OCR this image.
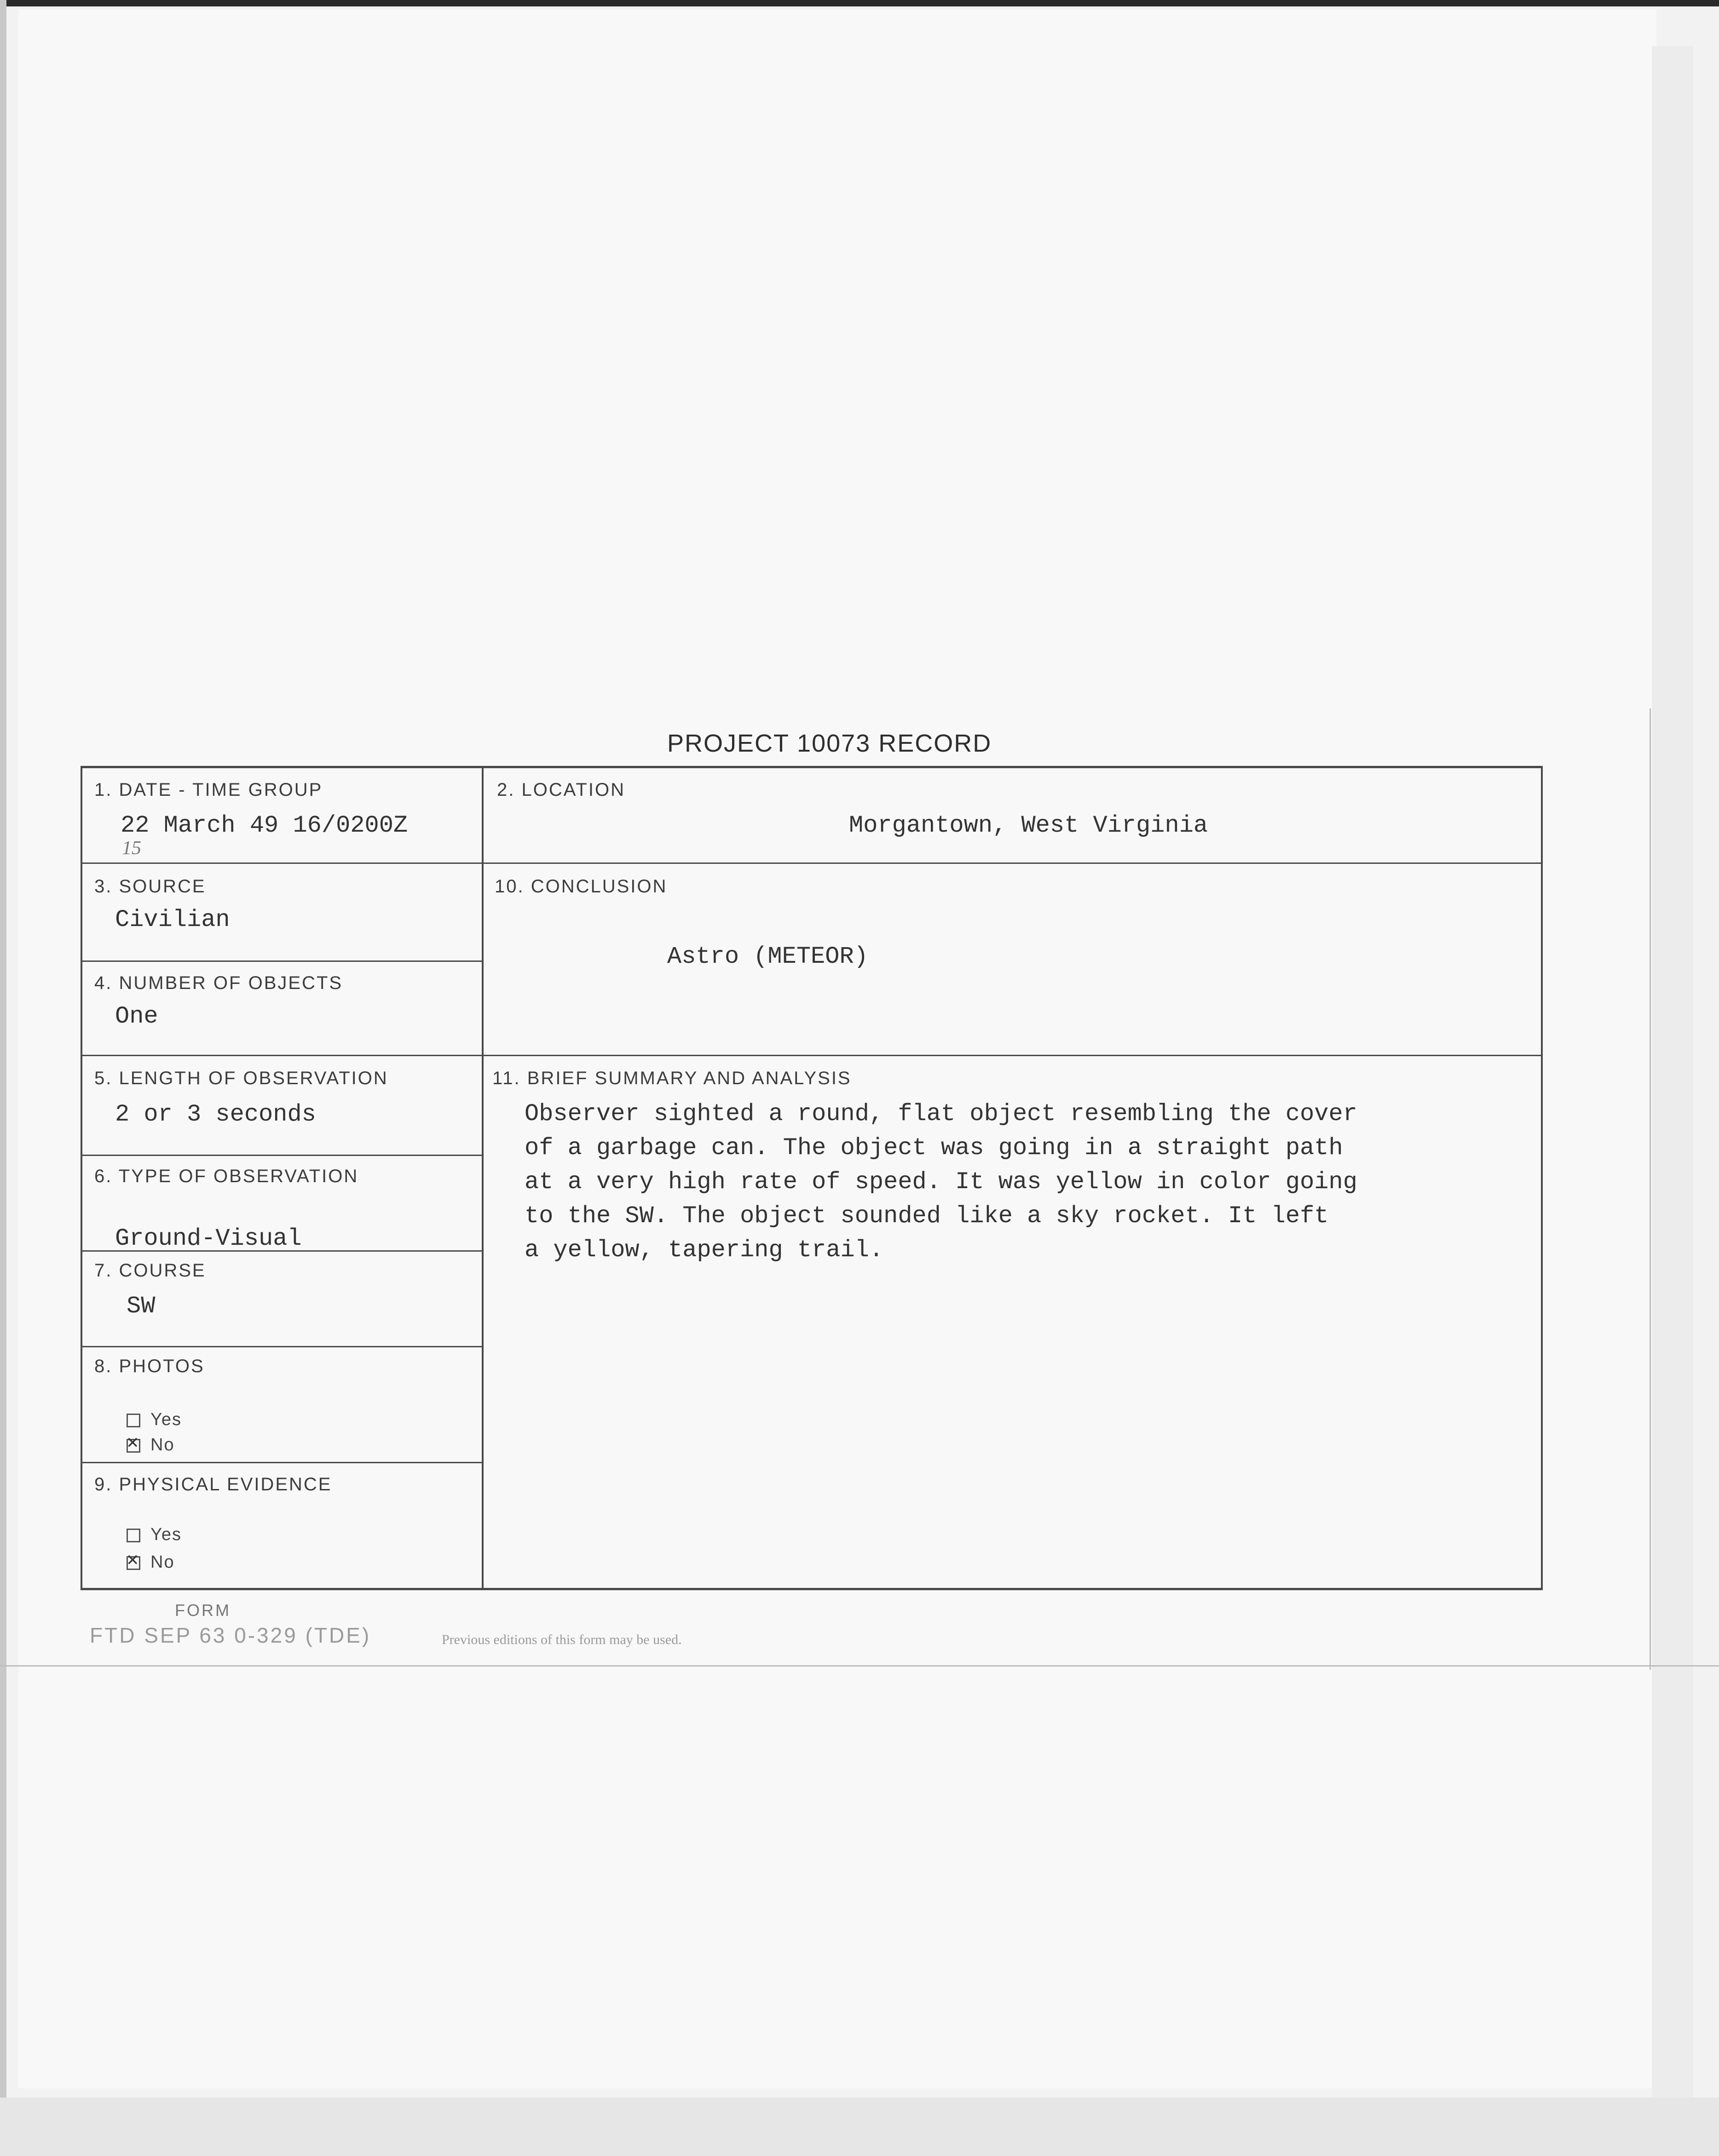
PROJECT 10073 RECORD
1. DATE - TIME GROUP
22 March 49 16/0200Z
15
2. LOCATION
Morgantown, West Virginia
3. SOURCE
Civilian
10. CONCLUSION
Astro (METEOR)
4. NUMBER OF OBJECTS
One
5. LENGTH OF OBSERVATION
2 or 3 seconds
11. BRIEF SUMMARY AND ANALYSIS
Observer sighted a round, flat object resembling the cover
of a garbage can. The object was going in a straight path
at a very high rate of speed. It was yellow in color going
to the SW. The object sounded like a sky rocket. It left
a yellow, tapering trail.
6. TYPE OF OBSERVATION
Ground-Visual
7. COURSE
SW
8. PHOTOS
Yes
✕No
9. PHYSICAL EVIDENCE
Yes
✕No
FORM
FTD SEP 63 0-329 (TDE)	Previous editions of this form may be used.
